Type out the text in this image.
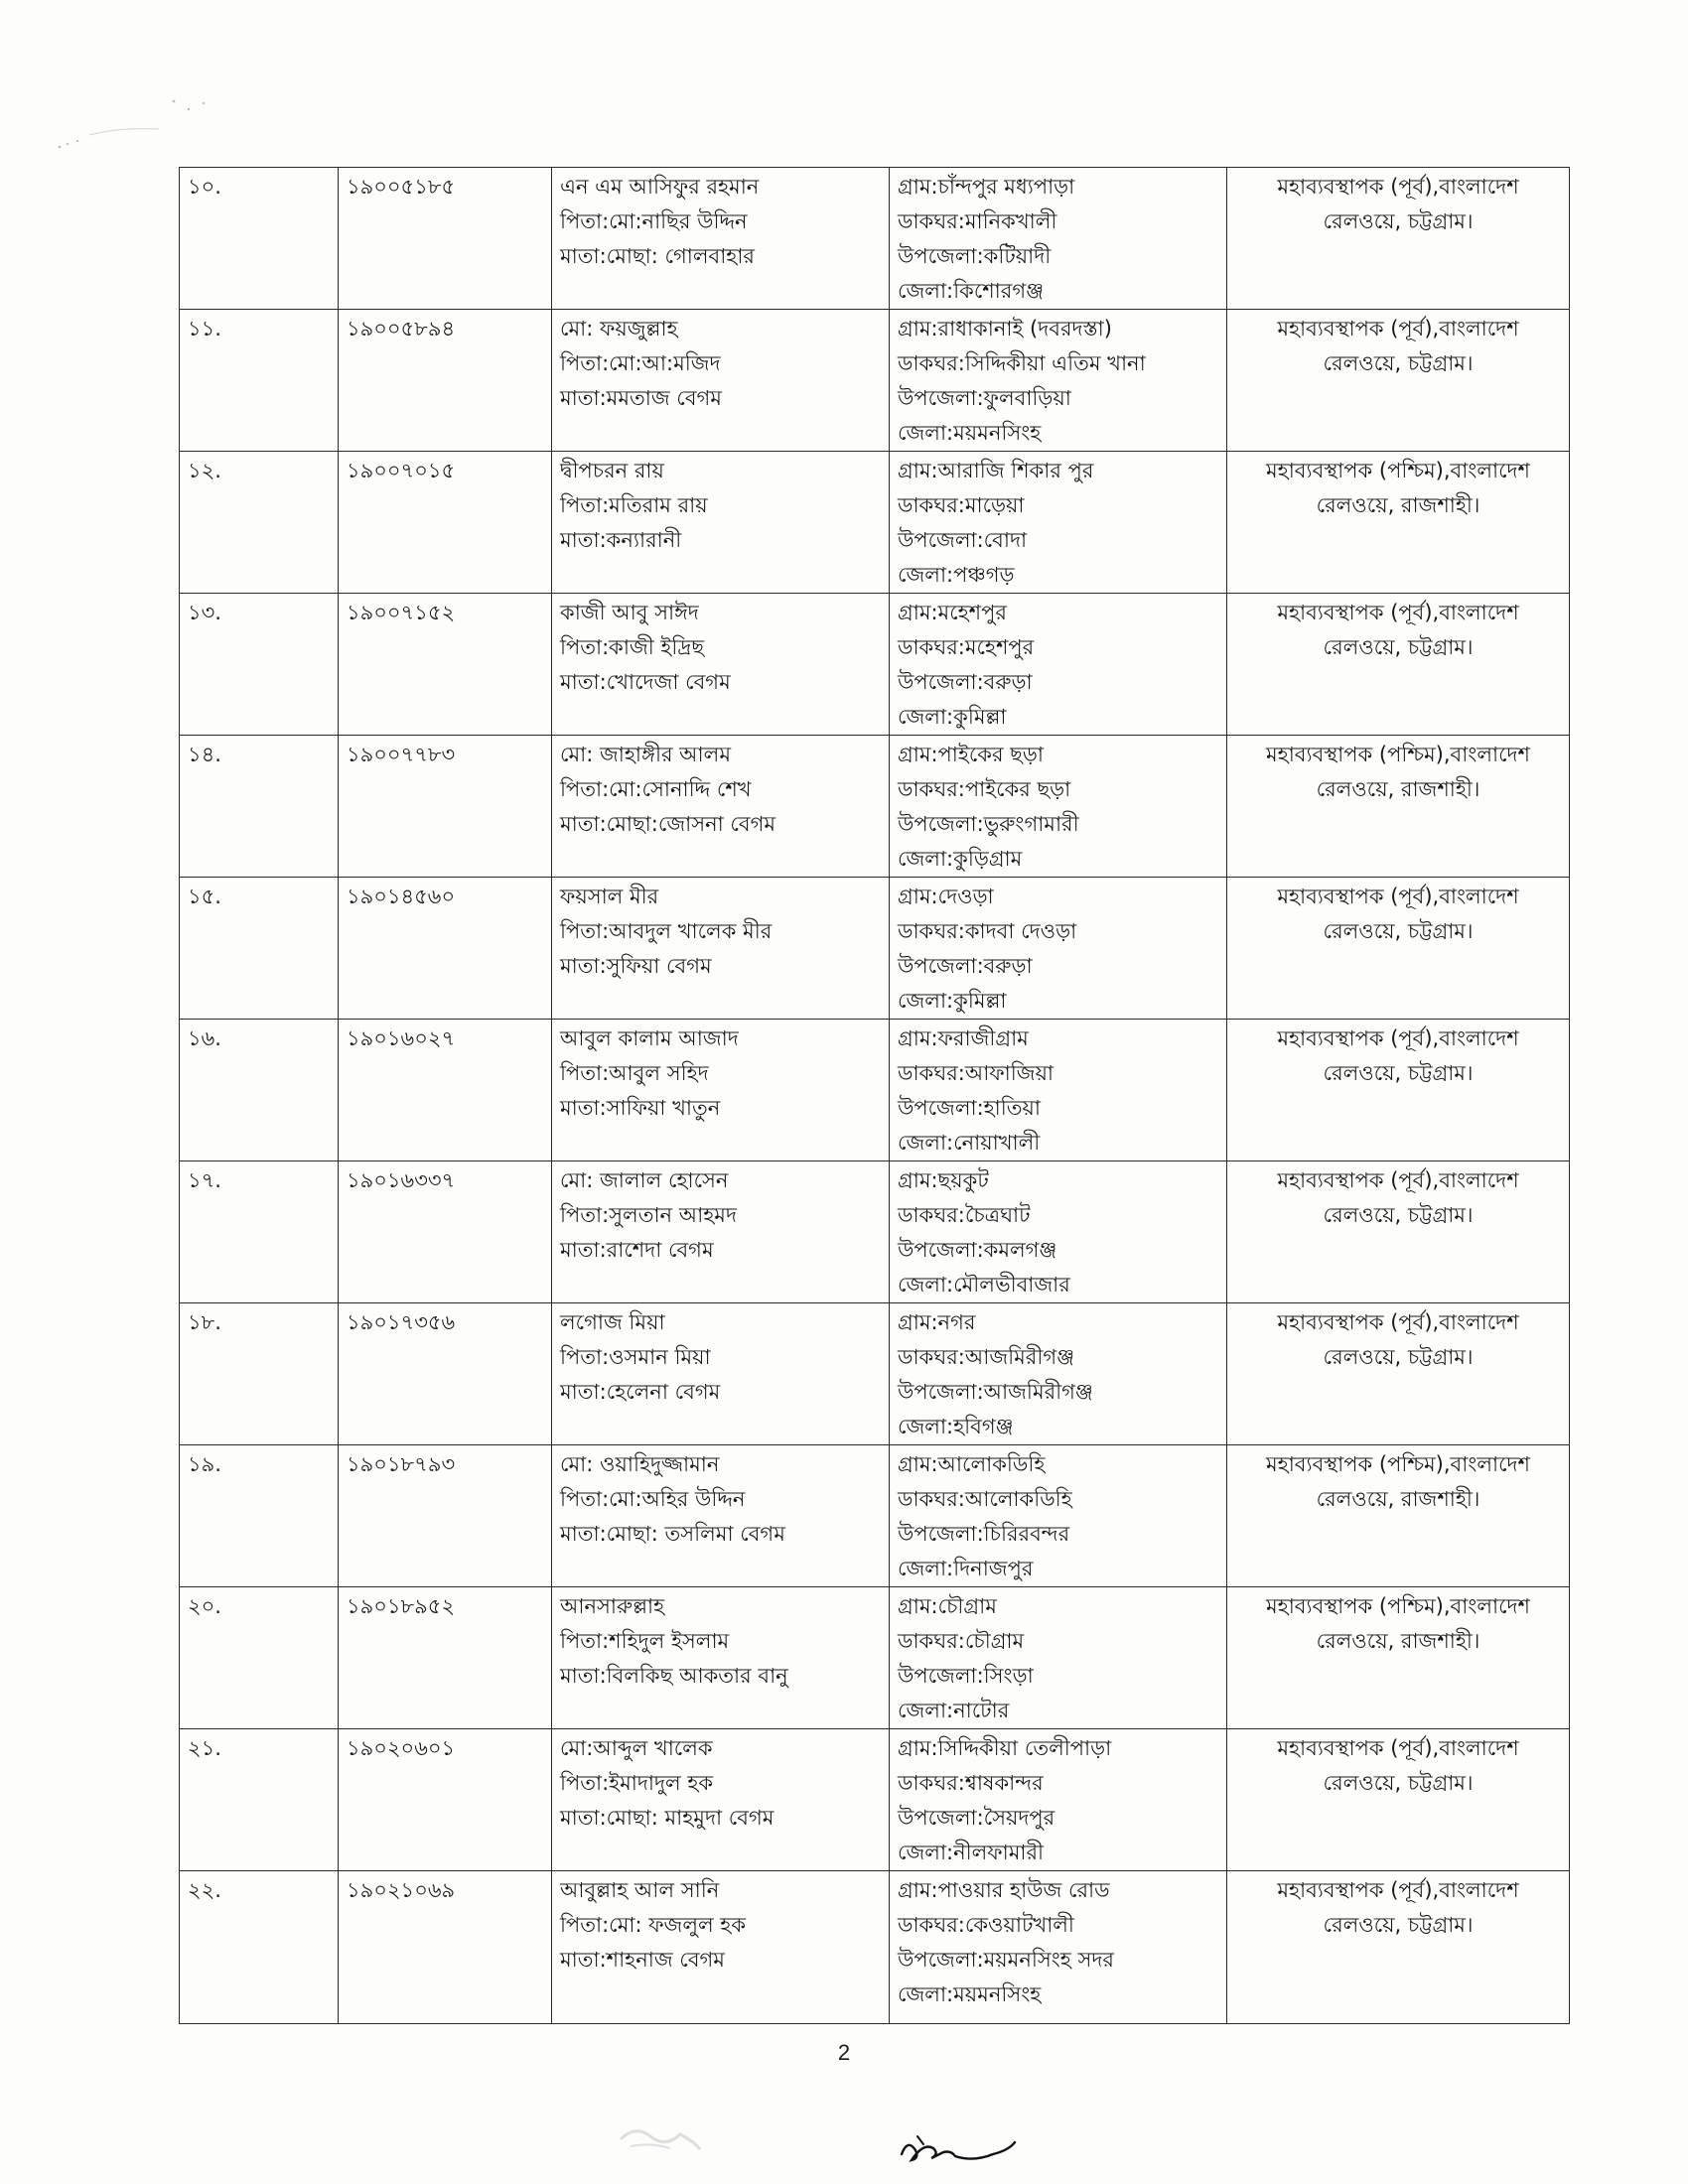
১০.	১৯০০৫১৮৫	এন এম আসিফুর রহমান
পিতা:মো:নাছির উদ্দিন
মাতা:মোছা: গোলবাহার	গ্রাম:চাঁন্দপুর মধ্যপাড়া
ডাকঘর:মানিকখালী
উপজেলা:কটিয়াদী
জেলা:কিশোরগঞ্জ	মহাব্যবস্থাপক (পূর্ব),বাংলাদেশ
রেলওয়ে, চট্টগ্রাম।

১১.	১৯০০৫৮৯৪	মো: ফয়জুল্লাহ
পিতা:মো:আ:মজিদ
মাতা:মমতাজ বেগম	গ্রাম:রাধাকানাই (দবরদস্তা)
ডাকঘর:সিদ্দিকীয়া এতিম খানা
উপজেলা:ফুলবাড়িয়া
জেলা:ময়মনসিংহ	মহাব্যবস্থাপক (পূর্ব),বাংলাদেশ
রেলওয়ে, চট্টগ্রাম।

১২.	১৯০০৭০১৫	দ্বীপচরন রায়
পিতা:মতিরাম রায়
মাতা:কন্যারানী	গ্রাম:আরাজি শিকার পুর
ডাকঘর:মাড়েয়া
উপজেলা:বোদা
জেলা:পঞ্চগড়	মহাব্যবস্থাপক (পশ্চিম),বাংলাদেশ
রেলওয়ে, রাজশাহী।

১৩.	১৯০০৭১৫২	কাজী আবু সাঈদ
পিতা:কাজী ইদ্রিছ
মাতা:খোদেজা বেগম	গ্রাম:মহেশপুর
ডাকঘর:মহেশপুর
উপজেলা:বরুড়া
জেলা:কুমিল্লা	মহাব্যবস্থাপক (পূর্ব),বাংলাদেশ
রেলওয়ে, চট্টগ্রাম।

১৪.	১৯০০৭৭৮৩	মো: জাহাঙ্গীর আলম
পিতা:মো:সোনাদ্দি শেখ
মাতা:মোছা:জোসনা বেগম	গ্রাম:পাইকের ছড়া
ডাকঘর:পাইকের ছড়া
উপজেলা:ভুরুংগামারী
জেলা:কুড়িগ্রাম	মহাব্যবস্থাপক (পশ্চিম),বাংলাদেশ
রেলওয়ে, রাজশাহী।

১৫.	১৯০১৪৫৬০	ফয়সাল মীর
পিতা:আবদুল খালেক মীর
মাতা:সুফিয়া বেগম	গ্রাম:দেওড়া
ডাকঘর:কাদবা দেওড়া
উপজেলা:বরুড়া
জেলা:কুমিল্লা	মহাব্যবস্থাপক (পূর্ব),বাংলাদেশ
রেলওয়ে, চট্টগ্রাম।

১৬.	১৯০১৬০২৭	আবুল কালাম আজাদ
পিতা:আবুল সহিদ
মাতা:সাফিয়া খাতুন	গ্রাম:ফরাজীগ্রাম
ডাকঘর:আফাজিয়া
উপজেলা:হাতিয়া
জেলা:নোয়াখালী	মহাব্যবস্থাপক (পূর্ব),বাংলাদেশ
রেলওয়ে, চট্টগ্রাম।

১৭.	১৯০১৬৩৩৭	মো: জালাল হোসেন
পিতা:সুলতান আহমদ
মাতা:রাশেদা বেগম	গ্রাম:ছয়কুট
ডাকঘর:চৈত্রঘাট
উপজেলা:কমলগঞ্জ
জেলা:মৌলভীবাজার	মহাব্যবস্থাপক (পূর্ব),বাংলাদেশ
রেলওয়ে, চট্টগ্রাম।

১৮.	১৯০১৭৩৫৬	লগোজ মিয়া
পিতা:ওসমান মিয়া
মাতা:হেলেনা বেগম	গ্রাম:নগর
ডাকঘর:আজমিরীগঞ্জ
উপজেলা:আজমিরীগঞ্জ
জেলা:হবিগঞ্জ	মহাব্যবস্থাপক (পূর্ব),বাংলাদেশ
রেলওয়ে, চট্টগ্রাম।

১৯.	১৯০১৮৭৯৩	মো: ওয়াহিদুজ্জামান
পিতা:মো:অহির উদ্দিন
মাতা:মোছা: তসলিমা বেগম	গ্রাম:আলোকডিহি
ডাকঘর:আলোকডিহি
উপজেলা:চিরিরবন্দর
জেলা:দিনাজপুর	মহাব্যবস্থাপক (পশ্চিম),বাংলাদেশ
রেলওয়ে, রাজশাহী।

২০.	১৯০১৮৯৫২	আনসারুল্লাহ
পিতা:শহিদুল ইসলাম
মাতা:বিলকিছ আকতার বানু	গ্রাম:চৌগ্রাম
ডাকঘর:চৌগ্রাম
উপজেলা:সিংড়া
জেলা:নাটোর	মহাব্যবস্থাপক (পশ্চিম),বাংলাদেশ
রেলওয়ে, রাজশাহী।

২১.	১৯০২০৬০১	মো:আব্দুল খালেক
পিতা:ইমাদাদুল হক
মাতা:মোছা: মাহমুদা বেগম	গ্রাম:সিদ্দিকীয়া তেলীপাড়া
ডাকঘর:শ্বাষকান্দর
উপজেলা:সৈয়দপুর
জেলা:নীলফামারী	মহাব্যবস্থাপক (পূর্ব),বাংলাদেশ
রেলওয়ে, চট্টগ্রাম।

২২.	১৯০২১০৬৯	আবুল্লাহ আল সানি
পিতা:মো: ফজলুল হক
মাতা:শাহনাজ বেগম	গ্রাম:পাওয়ার হাউজ রোড
ডাকঘর:কেওয়াটখালী
উপজেলা:ময়মনসিংহ সদর
জেলা:ময়মনসিংহ	মহাব্যবস্থাপক (পূর্ব),বাংলাদেশ
রেলওয়ে, চট্টগ্রাম।
2
